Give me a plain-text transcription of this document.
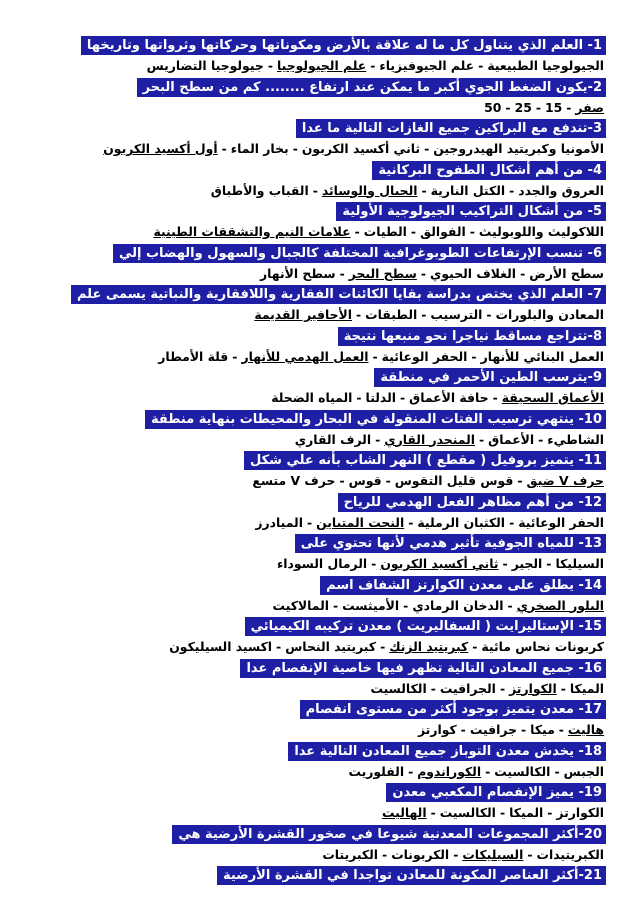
1- العلم الذي يتناول كل ما له علاقة بالأرض ومكوناتها وحركاتها وثرواتها وتاريخها
الجيولوجيا الطبيعية-علم الجيوفيزياء-علم الجيولوجيا-جيولوجيا التضاريس
2-يكون الضغط الجوي أكبر ما يمكن عند ارتفاع ........ كم من سطح البحر
صفر-15-25-50
3-تندفع مع البراكين جميع الغازات التالية ما عدا
الأمونيا وكبريتيد الهيدروجين-ثاني أكسيد الكربون-بخار الماء-أول أكسيد الكربون
4- من أهم أشكال الطفوح البركانية
العروق والجدد-الكتل النارية-الحبال والوسائد-القباب والأطباق
5- من أشكال التراكيب الجيولوجية الأولية
اللاكوليث واللوبوليث-الفوالق-الطيات-علامات النيم والتشققات الطينية
6- تنسب الإرتفاعات الطوبوغرافية المختلفة كالجبال والسهول والهضاب إلي
سطح الأرض-الغلاف الحيوي-سطح البحر-سطح الأنهار
7- العلم الذي يختص بدراسة بقايا الكائنات الفقارية واللافقارية والنباتية يسمى علم
المعادن والبلورات-الترسيب-الطبقات-الأحافير القديمة
8-تتراجع مساقط نياجرا نحو منبعها نتيجة
العمل البنائي للأنهار-الحفر الوعائية-العمل الهدمي للأنهار-قلة الأمطار
9-يترسب الطين الأحمر في منطقة
الأعماق السحيقة-حافة الأعماق-الدلتا-المياه الضحلة
10- ينتهي ترسيب الفتات المنقولة في البحار والمحيطات بنهاية منطقة
الشاطيء-الأعماق-المنحدر القاري-الرف القاري
11- يتميز بروفيل ( مقطع ) النهر الشاب بأنه علي شكل
حرف V ضيق-قوس قليل التقوس-قوس-حرف V متسع
12- من أهم مظاهر الفعل الهدمي للرياح
الحفر الوعائية-الكثبان الرملية-النحت المتباين-الميادرز
13- للمياه الجوفية تأثير هدمي لأنها تحتوي على
السيليكا-الجير-ثاني أكسيد الكربون-الرمال السوداء
14- يطلق على معدن الكوارتز الشفاف اسم
البلور الصخري-الدخان الرمادي-الأميثست-المالاكيت
15- الإستاليرايت ( السفاليريت ) معدن تركيبه الكيميائي
كربونات نحاس مائية-كبريتيد الزنك-كبريتيد النحاس-اكسيد السيليكون
16- جميع المعادن التالية تظهر فيها خاصية الإنفصام عدا
الميكا-الكوارتز-الجرافيت-الكالسيت
17- معدن يتميز بوجود أكثر من مستوى انفصام
هاليت-ميكا-جرافيت-كوارتز
18- يخدش معدن التوباز جميع المعادن التالية عدا
الجبس-الكالسيت-الكوراندوم-الفلوريت
19- يميز الإنفصام المكعبي معدن
الكوارتز-الميكا-الكالسيت-الهاليت
20-أكثر المجموعات المعدنية شيوعا في صخور القشرة الأرضية هي
الكبريتيدات-السيليكات-الكربونات-الكبريتات
21-أكثر العناصر المكونة للمعادن تواجدا في القشرة الأرضية
